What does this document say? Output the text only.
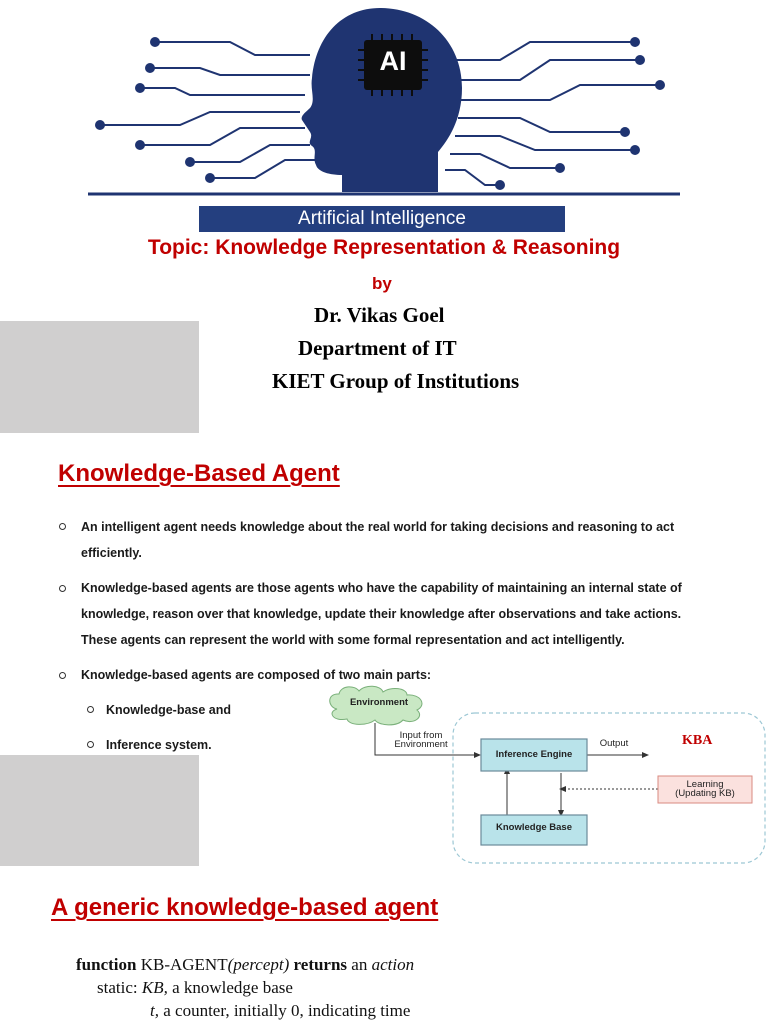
AI
Artificial Intelligence
Topic: Knowledge Representation & Reasoning
by
Dr. Vikas Goel
Department of IT
KIET Group of Institutions
Knowledge-Based Agent
An intelligent agent needs knowledge about the real world for taking decisions and reasoning to act efficiently.
Knowledge-based agents are those agents who have the capability of maintaining an internal state of knowledge, reason over that knowledge, update their knowledge after observations and take actions. These agents can represent the world with some formal representation and act intelligently.
Knowledge-based agents are composed of two main parts:
Knowledge-base and
Inference system.
Environment
Input from
Environment
Inference Engine
Output	KBA
Learning
(Updating KB)
Knowledge Base
A generic knowledge-based agent
function KB-AGENT(percept) returns an action
static: KB, a knowledge base
t, a counter, initially 0, indicating time
